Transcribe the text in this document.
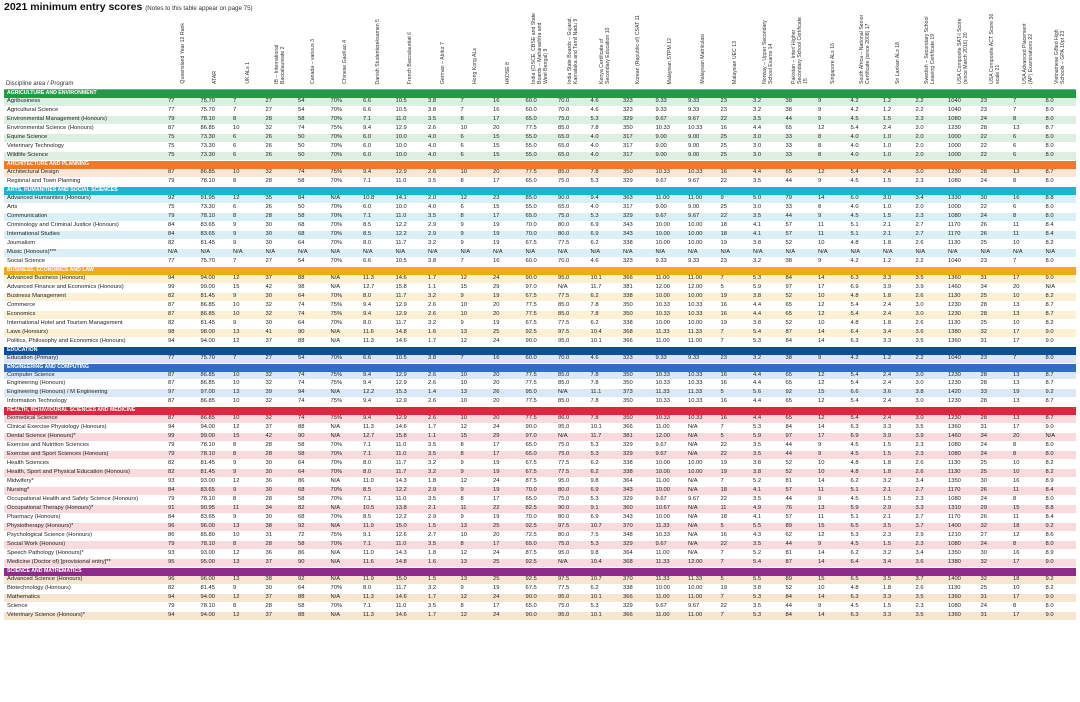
2021 minimum entry scores (Notes to this table appear on page 75)
Discipline area / Program	Queensland Year 12 Rank	ATAR	UK ALs 1	IB – International Baccalaureate 2	Canada – various 3	Chinese GaoKao 4	Danish Studentereksamen 5	French Baccalauréat 6	German – Abitur 7	Hong Kong ALs	HKDSE 8	India (CISCE, CBSE and State Boards – Maharashtra and West Bengal) 9	India State Boards – Gujarat, Karnataka and Tamil Nadu 9	Kenya Certificate of Secondary Education 10	Korean (Republic of) CSAT 11	Malaysian STPM 12	Malaysian Matrikulasi	Malaysian UEC 13	Norway – Upper Secondary School Exams 14	Pakistan – Inter/ Higher Secondary School Certificate 15	Singapore ALs 16	South Africa – National Senior Certificate (since 2008) 17	Sri Lankan ALs 18	Swedish – Secondary School Leaving Certificate 19	USA Composite SAT-I Score (since March 2016) 20	USA Composite ACT Score 36 scale 21	USA Advanced Placement (AP) Examinations 22	Vietnamese Gifted High Schools – GPA 10pt 23
AGRICULTURE AND ENVIRONMENT																												
Agribusiness	77	75.70	7	27	54	70%	6.6	10.5	3.8	7	16	60.0	70.0	4.6	323	9.33	9.33	23	3.2	38	9	4.2	1.2	2.2	1040	23	7	8.0
Agricultural Science	77	75.70	7	27	54	70%	6.6	10.5	3.8	7	16	60.0	70.0	4.6	323	9.33	9.33	23	3.2	38	9	4.2	1.2	2.2	1040	23	7	8.0
Environmental Management (Honours)	79	78.10	8	28	58	70%	7.1	11.0	3.5	8	17	65.0	75.0	5.3	329	9.67	9.67	22	3.5	44	9	4.5	1.5	2.3	1080	24	8	8.0
Environmental Science (Honours)	87	86.85	10	32	74	75%	9.4	12.9	2.6	10	20	77.5	85.0	7.8	350	10.33	10.33	16	4.4	65	12	5.4	2.4	3.0	1230	28	13	8.7
Equine Science	75	73.30	6	26	50	70%	6.0	10.0	4.0	6	15	55.0	65.0	4.0	317	9.00	9.00	25	3.0	33	8	4.0	1.0	2.0	1000	22	6	8.0
Veterinary Technology	75	73.30	6	26	50	70%	6.0	10.0	4.0	6	15	55.0	65.0	4.0	317	9.00	9.00	25	3.0	33	8	4.0	1.0	2.0	1000	22	6	8.0
Wildlife Science	75	73.30	6	26	50	70%	6.0	10.0	4.0	6	15	55.0	65.0	4.0	317	9.00	9.00	25	3.0	33	8	4.0	1.0	2.0	1000	22	6	8.0
ARCHITECTURE AND PLANNING																												
Architectural Design	87	86.85	10	32	74	75%	9.4	12.9	2.6	10	20	77.5	85.0	7.8	350	10.33	10.33	16	4.4	65	12	5.4	2.4	3.0	1230	28	13	8.7
Regional and Town Planning	79	78.10	8	28	58	70%	7.1	11.0	3.5	8	17	65.0	75.0	5.3	329	9.67	9.67	22	3.5	44	9	4.5	1.5	2.3	1080	24	8	8.0
ARTS, HUMANITIES AND SOCIAL SCIENCES																												
Advanced Humanities (Honours)	92	91.95	12	35	84	N/A	10.8	14.1	2.0	12	23	85.0	90.0	9.4	363	11.00	11.00	9	5.0	79	14	6.0	3.0	3.4	1330	30	16	8.8
Arts	75	73.30	6	26	50	70%	6.0	10.0	4.0	6	15	55.0	65.0	4.0	317	9.00	9.00	25	3.0	33	8	4.0	1.0	2.0	1000	22	6	8.0
Communication	79	78.10	8	28	58	70%	7.1	11.0	3.5	8	17	65.0	75.0	5.3	329	9.67	9.67	22	3.5	44	9	4.5	1.5	2.3	1080	24	8	8.0
Criminology and Criminal Justice (Honours)	84	83.65	9	30	68	70%	8.5	12.2	2.9	9	19	70.0	80.0	6.9	343	10.00	10.00	18	4.1	57	11	5.1	2.1	2.7	1170	26	11	8.4
International Studies	84	83.65	9	30	68	70%	8.5	12.2	2.9	9	19	70.0	80.0	6.9	343	10.00	10.00	18	4.1	57	11	5.1	2.1	2.7	1170	26	11	8.4
Journalism	82	81.45	9	30	64	70%	8.0	11.7	3.2	9	19	67.5	77.5	6.2	338	10.00	10.00	19	3.8	52	10	4.8	1.8	2.6	1130	25	10	8.2
Music (Honours)***	N/A	N/A	N/A	N/A	N/A	N/A	N/A	N/A	N/A	N/A	N/A	N/A	N/A	N/A	N/A	N/A	N/A	N/A	N/A	N/A	N/A	N/A	N/A	N/A	N/A	N/A	N/A	N/A
Social Science	77	75.70	7	27	54	70%	6.6	10.5	3.8	7	16	60.0	70.0	4.6	323	9.33	9.33	23	3.2	38	9	4.2	1.2	2.2	1040	23	7	8.0
BUSINESS, ECONOMICS AND LAW																												
Advanced Business (Honours)	94	94.00	12	37	88	N/A	11.3	14.6	1.7	12	24	90.0	95.0	10.1	366	11.00	11.00	7	5.3	84	14	6.3	3.3	3.5	1360	31	17	9.0
Advanced Finance and Economics (Honours)	99	99.00	15	42	98	N/A	12.7	15.8	1.1	15	29	97.0	N/A	11.7	381	12.00	12.00	5	5.9	97	17	6.9	3.9	3.9	1460	34	20	N/A
Business Management	82	81.45	9	30	64	70%	8.0	11.7	3.2	9	19	67.5	77.5	6.2	338	10.00	10.00	19	3.8	52	10	4.8	1.8	2.6	1130	25	10	8.2
Commerce	87	86.85	10	32	74	75%	9.4	12.9	2.6	10	20	77.5	85.0	7.8	350	10.33	10.33	16	4.4	65	12	5.4	2.4	3.0	1230	28	13	8.7
Economics	87	86.85	10	32	74	75%	9.4	12.9	2.6	10	20	77.5	85.0	7.8	350	10.33	10.33	16	4.4	65	12	5.4	2.4	3.0	1230	28	13	8.7
International Hotel and Tourism Management	82	81.45	9	30	64	70%	8.0	11.7	3.2	9	19	67.5	77.5	6.2	338	10.00	10.00	19	3.8	52	10	4.8	1.8	2.6	1130	25	10	8.2
Laws (Honours)	98	98.00	13	41	90	N/A	11.6	14.8	1.6	13	25	92.5	97.5	10.4	368	11.33	11.33	7	5.4	87	14	6.4	3.4	3.6	1380	32	17	9.0
Politics, Philosophy and Economics (Honours)	94	94.00	12	37	88	N/A	11.3	14.6	1.7	12	24	90.0	95.0	10.1	366	11.00	11.00	7	5.3	84	14	6.3	3.3	3.5	1360	31	17	9.0
EDUCATION																												
Education (Primary)	77	75.70	7	27	54	70%	6.6	10.5	3.8	7	16	60.0	70.0	4.6	323	9.33	9.33	23	3.2	38	9	4.2	1.2	2.2	1040	23	7	8.0
ENGINEERING AND COMPUTING																												
Computer Science	87	86.85	10	32	74	75%	9.4	12.9	2.6	10	20	77.5	85.0	7.8	350	10.33	10.33	16	4.4	65	12	5.4	2.4	3.0	1230	28	13	8.7
Engineering (Honours)	87	86.85	10	32	74	75%	9.4	12.9	2.6	10	20	77.5	85.0	7.8	350	10.33	10.33	16	4.4	65	12	5.4	2.4	3.0	1230	28	13	8.7
Engineering (Honours) / M Engineering	97	97.00	13	39	94	N/A	12.2	15.3	1.4	13	26	95.0	N/A	11.1	373	11.33	11.33	5	5.6	92	15	6.6	3.6	3.8	1420	33	19	9.2
Information Technology	87	86.85	10	32	74	75%	9.4	12.9	2.6	10	20	77.5	85.0	7.8	350	10.33	10.33	16	4.4	65	12	5.4	2.4	3.0	1230	28	13	8.7
HEALTH, BEHAVIOURAL SCIENCES AND MEDICINE																												
Biomedical Science	87	86.85	10	32	74	75%	9.4	12.9	2.6	10	20	77.5	86.0	7.8	350	10.33	10.33	16	4.4	65	12	5.4	2.4	3.0	1230	28	13	8.7
Clinical Exercise Physiology (Honours)	94	94.00	12	37	88	N/A	11.3	14.6	1.7	12	24	90.0	95.0	10.1	366	11.00	N/A	7	5.3	84	14	6.3	3.3	3.5	1360	31	17	9.0
Dental Science (Honours)*	99	99.00	15	42	90	N/A	12.7	15.8	1.1	15	29	97.0	N/A	11.7	381	12.00	N/A	5	5.9	97	17	6.9	3.9	3.9	1460	34	20	N/A
Exercise and Nutrition Sciences	79	78.10	8	28	58	70%	7.1	11.0	3.5	8	17	65.0	75.0	5.3	329	9.67	N/A	22	3.5	44	9	4.5	1.5	2.3	1080	24	8	8.0
Exercise and Sport Sciences (Honours)	79	78.10	8	28	58	70%	7.1	11.0	3.5	8	17	65.0	75.0	5.3	329	9.67	N/A	22	3.5	44	9	4.5	1.5	2.3	1080	24	8	8.0
Health Sciences	82	81.45	9	30	64	70%	8.0	11.7	3.2	9	19	67.5	77.5	6.2	338	10.00	10.00	19	3.8	52	10	4.8	1.8	2.6	1130	25	10	8.2
Health, Sport and Physical Education (Honours)	82	81.45	9	30	64	70%	8.0	11.7	3.2	9	19	67.5	77.5	6.2	338	10.00	10.00	19	3.8	52	10	4.8	1.8	2.6	1130	25	10	8.2
Midwifery*	93	93.00	12	36	86	N/A	11.0	14.3	1.8	12	24	87.5	95.0	9.8	364	11.00	N/A	7	5.2	81	14	6.2	3.2	3.4	1350	30	16	8.9
Nursing*	84	83.65	9	30	68	70%	8.5	12.2	2.9	9	19	70.0	80.0	6.9	343	10.00	N/A	18	4.1	57	11	5.1	2.1	2.7	1170	26	11	8.4
Occupational Health and Safety Science (Honours)	79	78.10	8	28	58	70%	7.1	11.0	3.5	8	17	65.0	75.0	5.3	329	9.67	9.67	22	3.5	44	9	4.5	1.5	2.3	1080	24	8	8.0
Occupational Therapy (Honours)*	91	90.95	11	34	82	N/A	10.5	13.8	2.1	11	22	82.5	90.0	9.1	360	10.67	N/A	11	4.9	76	13	5.9	2.9	3.3	1310	29	15	8.8
Pharmacy (Honours)	84	83.65	9	30	68	70%	8.5	12.2	2.9	9	19	70.0	80.0	6.9	343	10.00	N/A	18	4.1	57	11	5.1	2.1	2.7	1170	26	11	8.4
Physiotherapy (Honours)*	96	96.00	13	38	92	N/A	11.9	15.0	1.5	13	25	92.5	97.5	10.7	370	11.33	N/A	5	5.5	89	15	6.5	3.5	3.7	1400	32	18	9.2
Psychological Science (Honours)	86	85.80	10	31	72	75%	9.1	12.6	2.7	10	20	72.5	80.0	7.5	348	10.33	N/A	16	4.3	62	12	5.3	2.3	2.9	1210	27	12	8.6
Social Work (Honours)	79	78.10	8	28	58	70%	7.1	11.0	3.5	8	17	65.0	75.0	5.3	329	9.67	N/A	22	3.5	44	9	4.5	1.5	2.3	1080	24	8	8.0
Speech Pathology (Honours)*	93	93.00	12	36	86	N/A	11.0	14.3	1.8	12	24	87.5	95.0	9.8	364	11.00	N/A	7	5.2	81	14	6.2	3.2	3.4	1350	30	16	8.9
Medicine (Doctor of) [provisional entry]**	95	95.00	13	37	90	N/A	11.6	14.8	1.6	13	25	92.5	N/A	10.4	368	11.33	12.00	7	5.4	87	14	6.4	3.4	3.6	1380	32	17	9.0
SCIENCE AND MATHEMATICS																												
Advanced Science (Honours)	96	96.00	13	38	92	N/A	11.9	15.0	1.5	13	25	92.5	97.5	10.7	370	11.33	11.33	5	5.5	89	15	6.5	3.5	3.7	1400	32	18	9.2
Biotechnology (Honours)	82	81.45	9	30	64	70%	8.0	11.7	3.2	9	19	67.5	77.5	6.2	338	10.00	10.00	19	3.8	52	10	4.8	1.8	2.6	1130	25	10	8.2
Mathematics	94	94.00	12	37	88	N/A	11.3	14.6	1.7	12	24	90.0	95.0	10.1	366	11.00	11.00	7	5.3	84	14	6.3	3.3	3.5	1360	31	17	9.0
Science	79	78.10	8	28	58	70%	7.1	11.0	3.5	8	17	65.0	75.0	5.3	329	9.67	9.67	22	3.5	44	9	4.5	1.5	2.3	1080	24	8	8.0
Veterinary Science (Honours)*	94	94.00	12	37	88	N/A	11.3	14.6	1.7	12	24	90.0	95.0	10.1	366	11.00	11.00	7	5.3	84	14	6.3	3.3	3.5	1360	31	17	9.0
